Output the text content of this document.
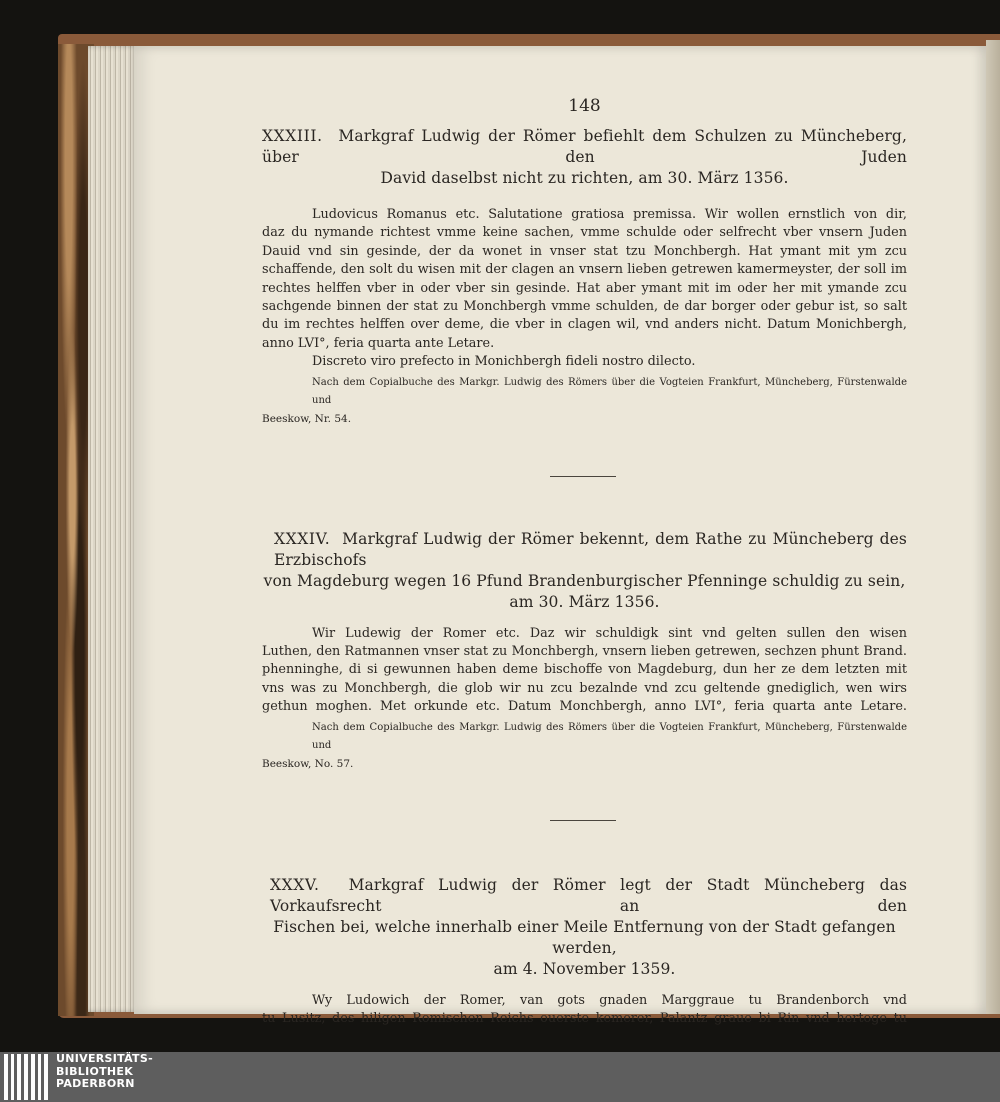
148
XXXIII. Markgraf Ludwig der Römer befiehlt dem Schulzen zu Müncheberg, über den Juden
David daselbst nicht zu richten, am 30. März 1356.
Ludovicus Romanus etc. Salutatione gratiosa premissa. Wir wollen ernstlich von dir,
daz du nymande richtest vmme keine sachen, vmme schulde oder selfrecht vber vnsern Juden
Dauid vnd sin gesinde, der da wonet in vnser stat tzu Monchbergh. Hat ymant mit ym zcu
schaffende, den solt du wisen mit der clagen an vnsern lieben getrewen kamermeyster, der soll im
rechtes helffen vber in oder vber sin gesinde. Hat aber ymant mit im oder her mit ymande zcu
sachgende binnen der stat zu Monchbergh vmme schulden, de dar borger oder gebur ist, so salt
du im rechtes helffen over deme, die vber in clagen wil, vnd anders nicht. Datum Monichbergh,
anno LVI°, feria quarta ante Letare.
Discreto viro prefecto in Monichbergh fideli nostro dilecto.
Nach dem Copialbuche des Markgr. Ludwig des Römers über die Vogteien Frankfurt, Müncheberg, Fürstenwalde und
Beeskow, Nr. 54.
XXXIV. Markgraf Ludwig der Römer bekennt, dem Rathe zu Müncheberg des Erzbischofs
von Magdeburg wegen 16 Pfund Brandenburgischer Pfenninge schuldig zu sein,
am 30. März 1356.
Wir Ludewig der Romer etc. Daz wir schuldigk sint vnd gelten sullen den wisen
Luthen, den Ratmannen vnser stat zu Monchbergh, vnsern lieben getrewen, sechzen phunt Brand.
phenninghe, di si gewunnen haben deme bischoffe von Magdeburg, dun her ze dem letzten mit
vns was zu Monchbergh, die glob wir nu zcu bezalnde vnd zcu geltende gnediglich, wen wirs
gethun moghen. Met orkunde etc. Datum Monchbergh, anno LVI°, feria quarta ante Letare.
Nach dem Copialbuche des Markgr. Ludwig des Römers über die Vogteien Frankfurt, Müncheberg, Fürstenwalde und
Beeskow, No. 57.
XXXV. Markgraf Ludwig der Römer legt der Stadt Müncheberg das Vorkaufsrecht an den
Fischen bei, welche innerhalb einer Meile Entfernung von der Stadt gefangen werden,
am 4. November 1359.
Wy Ludowich der Romer, van gots gnaden Marggraue tu Brandenborch vnd
tu Lusitz, des hiligen Romischen Reichs ouerste kemerer, Palantz graue bi Rin vnd hertoge tu
UNIVERSITÄTS-
BIBLIOTHEK
PADERBORN
